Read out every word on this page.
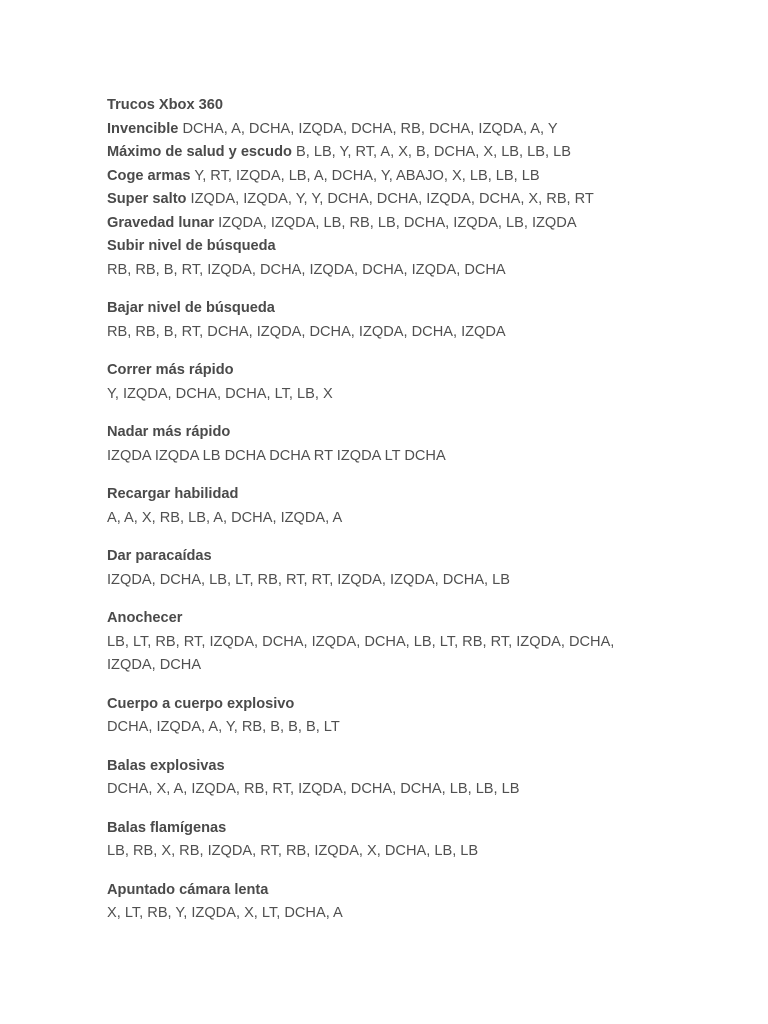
Trucos Xbox 360
Invencible DCHA, A, DCHA, IZQDA, DCHA, RB, DCHA, IZQDA, A, Y
Máximo de salud y escudo B, LB, Y, RT, A, X, B, DCHA, X, LB, LB, LB
Coge armas Y, RT, IZQDA, LB, A, DCHA, Y, ABAJO, X, LB, LB, LB
Super salto IZQDA, IZQDA, Y, Y, DCHA, DCHA, IZQDA, DCHA, X, RB, RT
Gravedad lunar IZQDA, IZQDA, LB, RB, LB, DCHA, IZQDA, LB, IZQDA
Subir nivel de búsqueda
RB, RB, B, RT, IZQDA, DCHA, IZQDA, DCHA, IZQDA, DCHA
Bajar nivel de búsqueda
RB, RB, B, RT, DCHA, IZQDA, DCHA, IZQDA, DCHA, IZQDA
Correr más rápido
Y, IZQDA, DCHA, DCHA, LT, LB, X
Nadar más rápido
IZQDA IZQDA LB DCHA DCHA RT IZQDA LT DCHA
Recargar habilidad
A, A, X, RB, LB, A, DCHA, IZQDA, A
Dar paracaídas
IZQDA, DCHA, LB, LT, RB, RT, RT, IZQDA, IZQDA, DCHA, LB
Anochecer
LB, LT, RB, RT, IZQDA, DCHA, IZQDA, DCHA, LB, LT, RB, RT, IZQDA, DCHA, IZQDA, DCHA
Cuerpo a cuerpo explosivo
DCHA, IZQDA, A, Y, RB, B, B, B, LT
Balas explosivas
DCHA, X, A, IZQDA, RB, RT, IZQDA, DCHA, DCHA, LB, LB, LB
Balas flamígenas
LB, RB, X, RB, IZQDA, RT, RB, IZQDA, X, DCHA, LB, LB
Apuntado cámara lenta
X, LT, RB, Y, IZQDA, X, LT, DCHA, A
